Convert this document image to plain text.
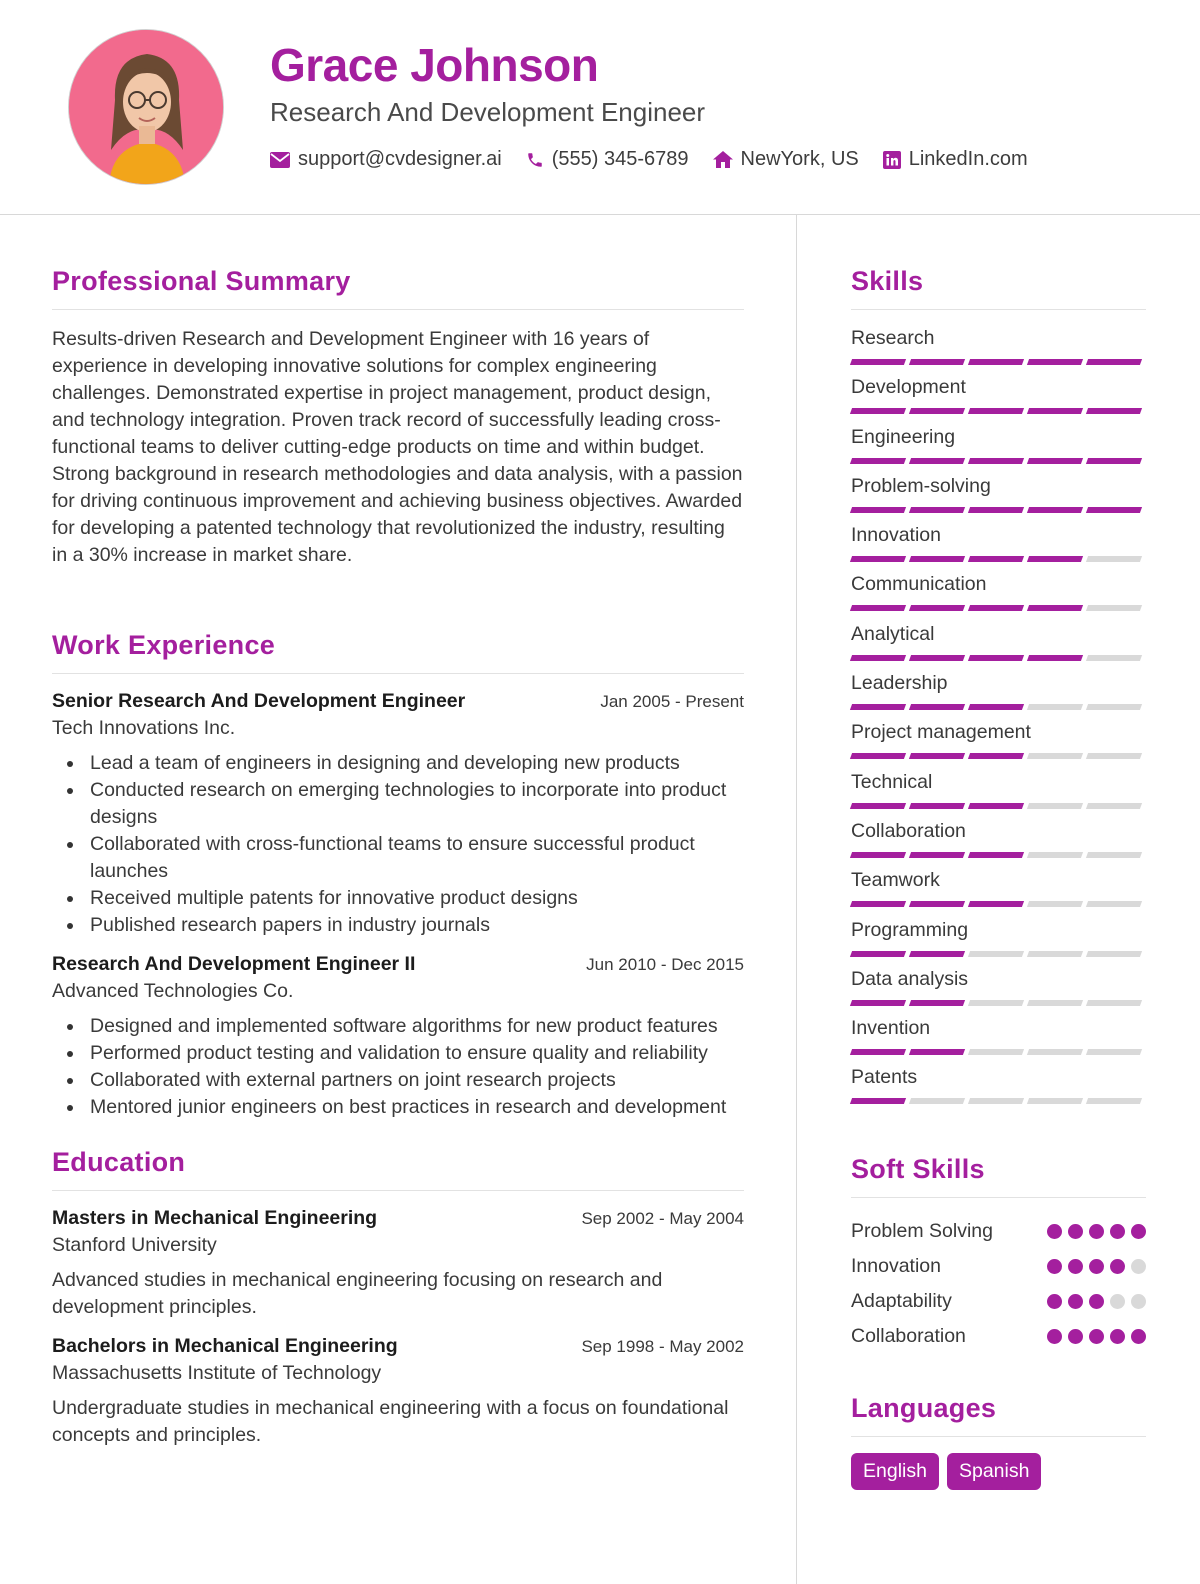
Grace Johnson
Research And Development Engineer
support@cvdesigner.ai	(555) 345-6789	NewYork, US	LinkedIn.com
Professional Summary
Results-driven Research and Development Engineer with 16 years of experience in developing innovative solutions for complex engineering challenges. Demonstrated expertise in project management, product design, and technology integration. Proven track record of successfully leading cross-functional teams to deliver cutting-edge products on time and within budget. Strong background in research methodologies and data analysis, with a passion for driving continuous improvement and achieving business objectives. Awarded for developing a patented technology that revolutionized the industry, resulting in a 30% increase in market share.
Work Experience
Senior Research And Development Engineer	Jan 2005 - Present
Tech Innovations Inc.
Lead a team of engineers in designing and developing new products
Conducted research on emerging technologies to incorporate into product designs
Collaborated with cross-functional teams to ensure successful product launches
Received multiple patents for innovative product designs
Published research papers in industry journals
Research And Development Engineer II	Jun 2010 - Dec 2015
Advanced Technologies Co.
Designed and implemented software algorithms for new product features
Performed product testing and validation to ensure quality and reliability
Collaborated with external partners on joint research projects
Mentored junior engineers on best practices in research and development
Education
Masters in Mechanical Engineering	Sep 2002 - May 2004
Stanford University
Advanced studies in mechanical engineering focusing on research and development principles.
Bachelors in Mechanical Engineering	Sep 1998 - May 2002
Massachusetts Institute of Technology
Undergraduate studies in mechanical engineering with a focus on foundational concepts and principles.
Skills
Research
Development
Engineering
Problem-solving
Innovation
Communication
Analytical
Leadership
Project management
Technical
Collaboration
Teamwork
Programming
Data analysis
Invention
Patents
Soft Skills
Problem Solving
Innovation
Adaptability
Collaboration
Languages
English	Spanish
